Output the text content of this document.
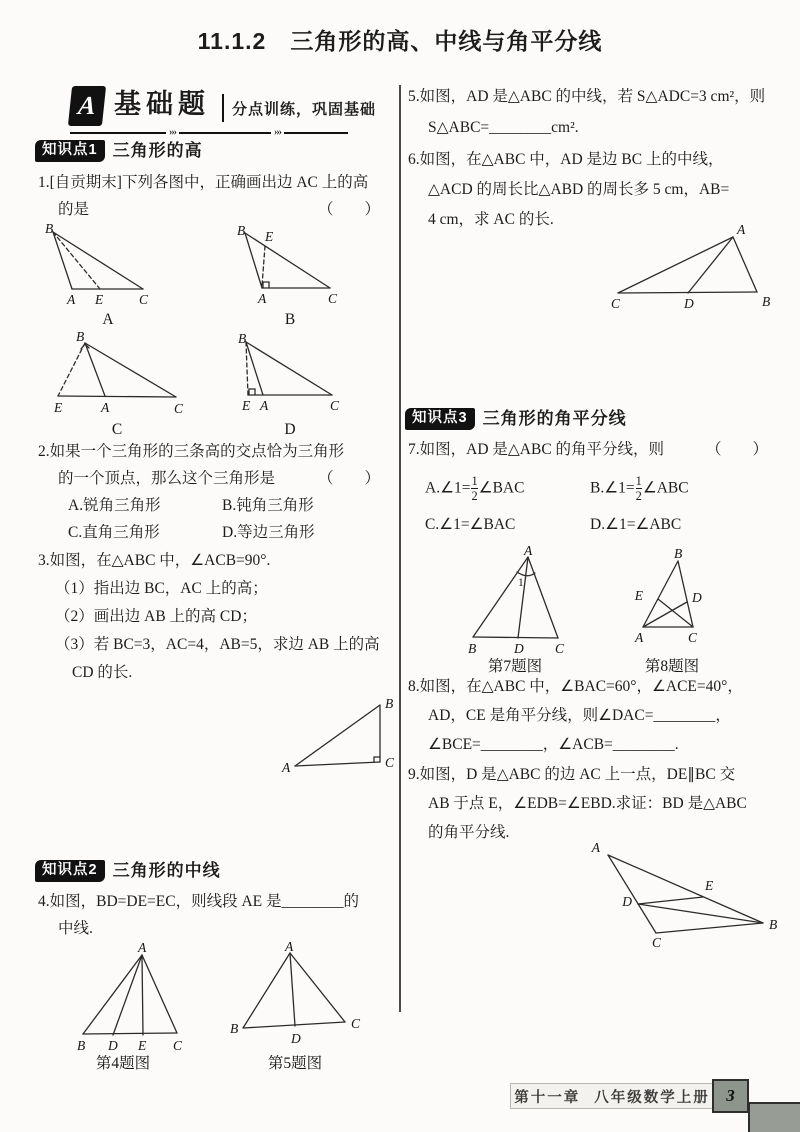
11.1.2　三角形的高、中线与角平分线
A 基础题 分点训练，巩固基础
›››	›››
知识点1 三角形的高
1.[自贡期末]下列各图中，正确画出边 AC 上的高
的是	（　　）
B
A E	C
A
B E
A	C
B
B
E	A	C
C
B
E A	C
D
2.如果一个三角形的三条高的交点恰为三角形
的一个顶点，那么这个三角形是	（　　）
A.锐角三角形	B.钝角三角形
C.直角三角形	D.等边三角形
3.如图，在△ABC 中，∠ACB=90°.
（1）指出边 BC，AC 上的高；
（2）画出边 AB 上的高 CD；
（3）若 BC=3，AC=4，AB=5，求边 AB 上的高
CD 的长.
A
B
C
知识点2 三角形的中线
4.如图，BD=DE=EC，则线段 AE 是________的
中线.
A
B D E C
第4题图
A
B
D
C
第5题图
5.如图，AD 是△ABC 的中线，若 S△ADC=3 cm²，则
S△ABC=________cm².
6.如图，在△ABC 中，AD 是边 BC 上的中线，
△ACD 的周长比△ABD 的周长多 5 cm，AB=
4 cm，求 AC 的长.
A
C	D	B
知识点3 三角形的角平分线
7.如图，AD 是△ABC 的角平分线，则	（　　）
$A.\angle 1=\frac{1}{2}$ ∠BAC	$B.\angle 1=\frac{1}{2}$ ∠ABC
C.∠1=∠BAC	D.∠1=∠ABC
1
A
B	D C
第7题图
B
E	D
A	C
第8题图
8.如图，在△ABC 中，∠BAC=60°，∠ACE=40°，
AD，CE 是角平分线，则∠DAC=________，
∠BCE=________，∠ACB=________.
9.如图，D 是△ABC 的边 AC 上一点，DE∥BC 交
AB 于点 E，∠EDB=∠EBD.求证：BD 是△ABC
的角平分线.
A
E
D
C
B
第十一章 八年级数学上册 3
